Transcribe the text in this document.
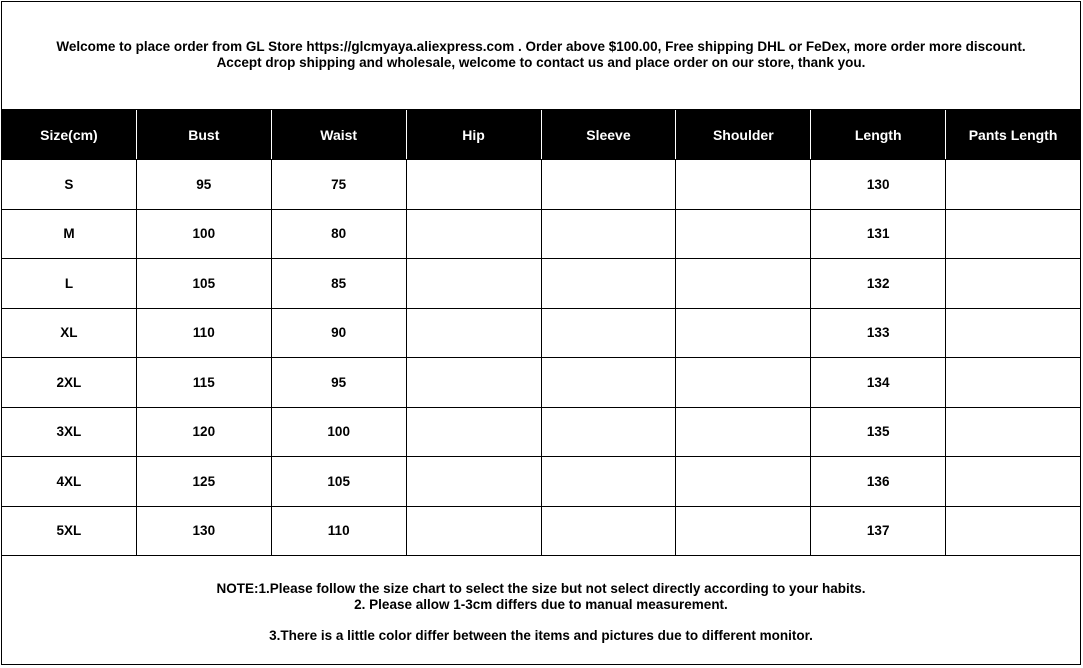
Welcome to place order from GL Store https://glcmyaya.aliexpress.com . Order above $100.00, Free shipping DHL or FeDex, more order more discount.
Accept drop shipping and wholesale, welcome to contact us and place order on our store, thank you.
Size(cm)	Bust	Waist	Hip	Sleeve	Shoulder	Length	Pants Length
S	95	75				130	
M	100	80				131	
L	105	85				132	
XL	110	90				133	
2XL	115	95				134	
3XL	120	100				135	
4XL	125	105				136	
5XL	130	110				137	
NOTE:1.Please follow the size chart to select the size but not select directly according to your habits.
2. Please allow 1-3cm differs due to manual measurement.
3.There is a little color differ between the items and pictures due to different monitor.
